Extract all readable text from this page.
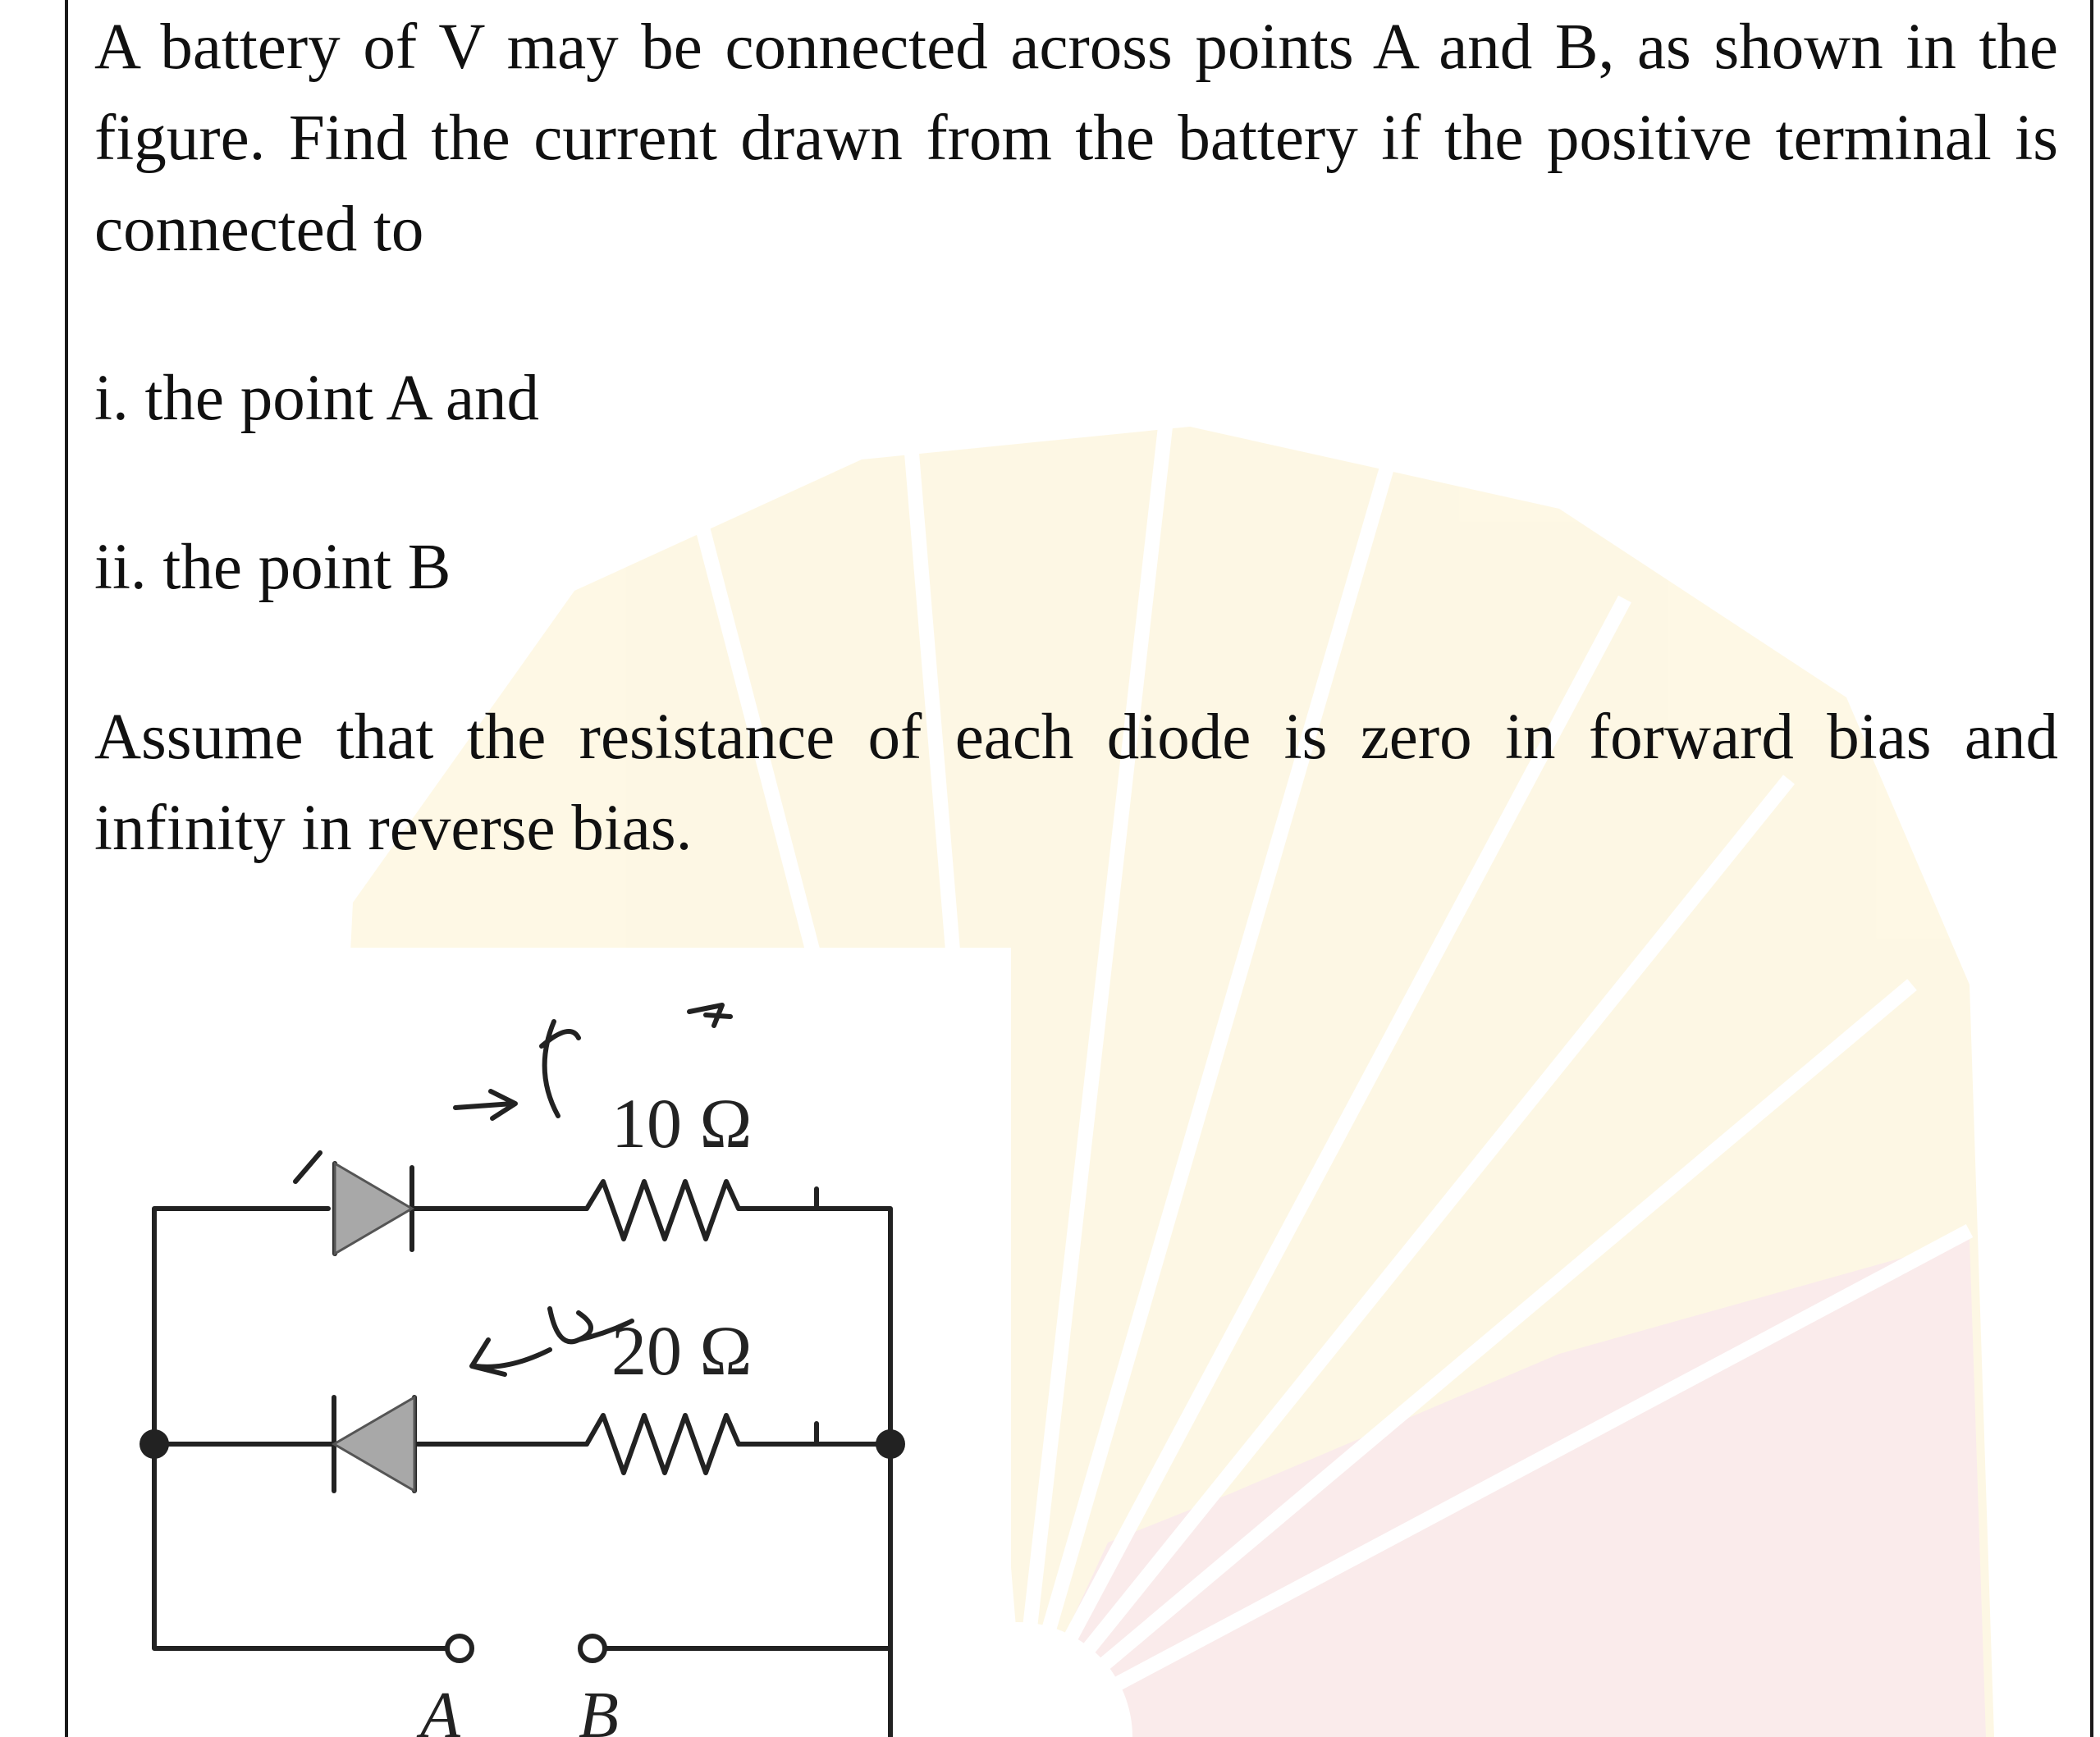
A battery of V may be connected across points A and B, as shown in the figure. Find the current drawn from the battery if the positive terminal is connected to
i. the point A and
ii. the point B
Assume that the resistance of each diode is zero in forward bias and infinity in reverse bias.
10 Ω
20 Ω
A B
